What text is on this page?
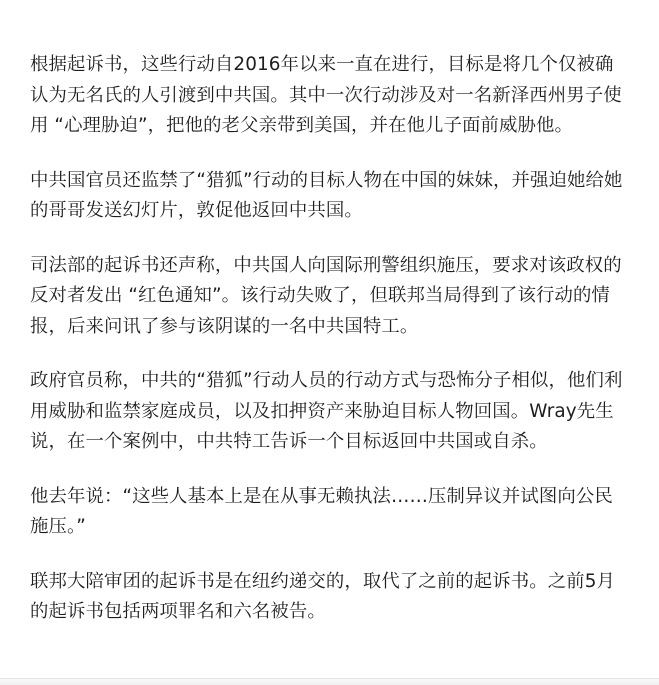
根据起诉书，这些行动自2016年以来一直在进行，目标是将几个仅被确认为无名氏的人引渡到中共国。其中一次行动涉及对一名新泽西州男子使用 “心理胁迫”，把他的老父亲带到美国，并在他儿子面前威胁他。

中共国官员还监禁了“猎狐”行动的目标人物在中国的妹妹，并强迫她给她的哥哥发送幻灯片，敦促他返回中共国。

司法部的起诉书还声称，中共国人向国际刑警组织施压，要求对该政权的反对者发出 “红色通知”。该行动失败了，但联邦当局得到了该行动的情报，后来问讯了参与该阴谋的一名中共国特工。

政府官员称，中共的“猎狐”行动人员的行动方式与恐怖分子相似，他们利用威胁和监禁家庭成员，以及扣押资产来胁迫目标人物回国。Wray先生说，在一个案例中，中共特工告诉一个目标返回中共国或自杀。

他去年说：“这些人基本上是在从事无赖执法……压制异议并试图向公民施压。”

联邦大陪审团的起诉书是在纽约递交的，取代了之前的起诉书。之前5月的起诉书包括两项罪名和六名被告。
